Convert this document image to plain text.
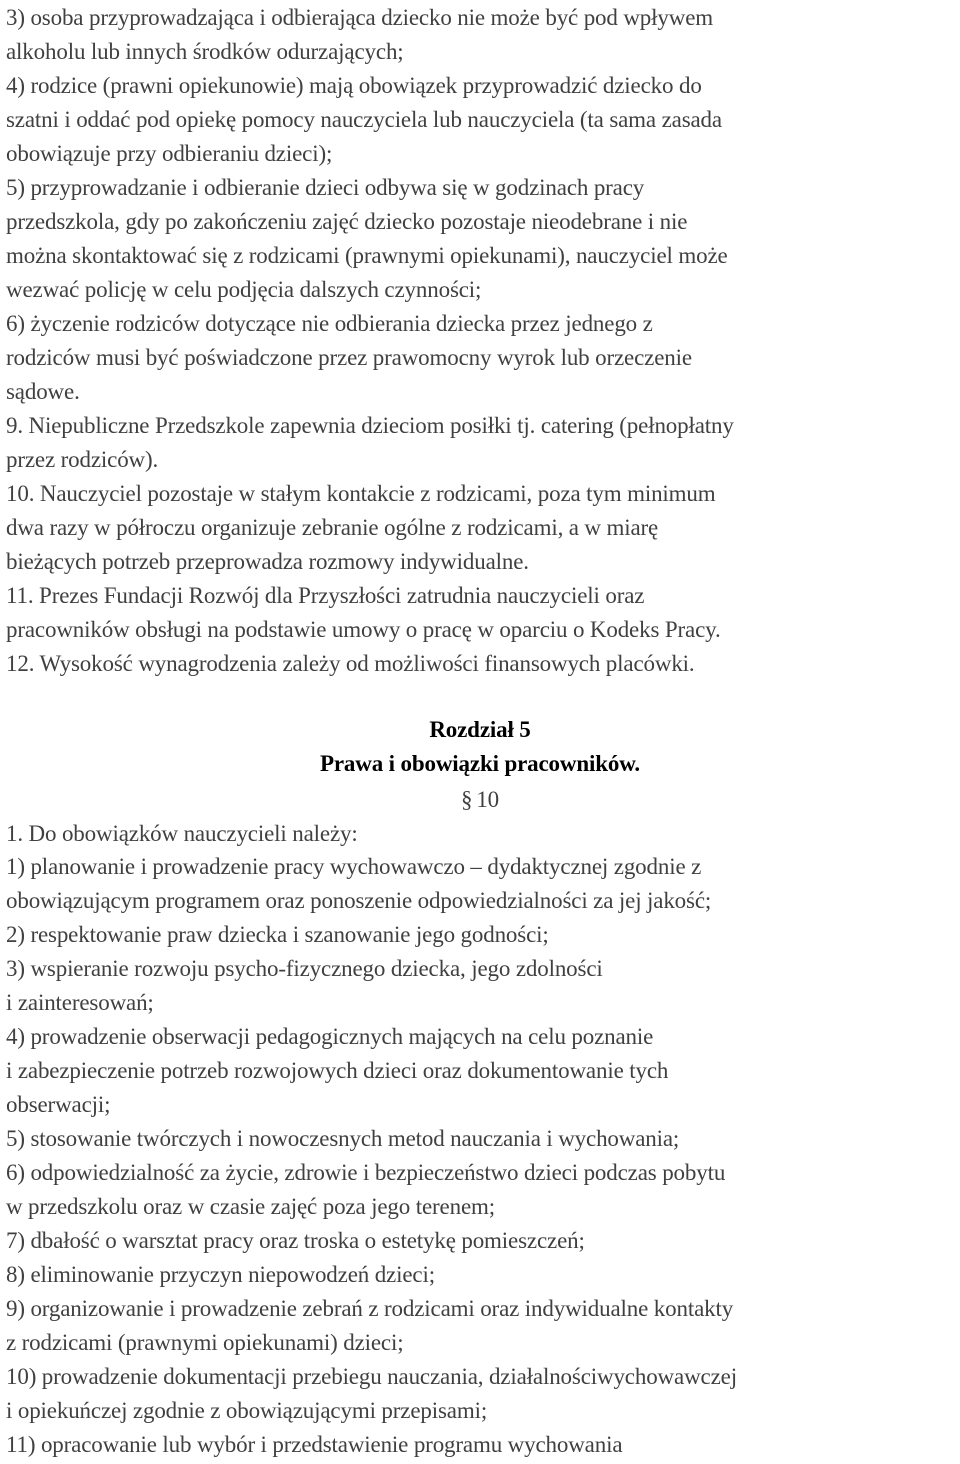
3) osoba przyprowadzająca i odbierająca dziecko nie może być pod wpływem
alkoholu lub innych środków odurzających;
4) rodzice (prawni opiekunowie) mają obowiązek przyprowadzić dziecko do
szatni i oddać pod opiekę pomocy nauczyciela lub nauczyciela (ta sama zasada
obowiązuje przy odbieraniu dzieci);
5) przyprowadzanie i odbieranie dzieci odbywa się w godzinach pracy
przedszkola, gdy po zakończeniu zajęć dziecko pozostaje nieodebrane i nie
można skontaktować się z rodzicami (prawnymi opiekunami), nauczyciel może
wezwać policję w celu podjęcia dalszych czynności;
6) życzenie rodziców dotyczące nie odbierania dziecka przez jednego z
rodziców musi być poświadczone przez prawomocny wyrok lub orzeczenie
sądowe.
9. Niepubliczne Przedszkole zapewnia dzieciom posiłki tj. catering (pełnopłatny
przez rodziców).
10. Nauczyciel pozostaje w stałym kontakcie z rodzicami, poza tym minimum
dwa razy w półroczu organizuje zebranie ogólne z rodzicami, a w miarę
bieżących potrzeb przeprowadza rozmowy indywidualne.
11. Prezes Fundacji Rozwój dla Przyszłości zatrudnia nauczycieli oraz
pracowników obsługi na podstawie umowy o pracę w oparciu o Kodeks Pracy.
12. Wysokość wynagrodzenia zależy od możliwości finansowych placówki.
Rozdział 5
Prawa i obowiązki pracowników.
§ 10
1. Do obowiązków nauczycieli należy:
1) planowanie i prowadzenie pracy wychowawczo – dydaktycznej zgodnie z
obowiązującym programem oraz ponoszenie odpowiedzialności za jej jakość;
2) respektowanie praw dziecka i szanowanie jego godności;
3) wspieranie rozwoju psycho-fizycznego dziecka, jego zdolności
i zainteresowań;
4) prowadzenie obserwacji pedagogicznych mających na celu poznanie
i zabezpieczenie potrzeb rozwojowych dzieci oraz dokumentowanie tych
obserwacji;
5) stosowanie twórczych i nowoczesnych metod nauczania i wychowania;
6) odpowiedzialność za życie, zdrowie i bezpieczeństwo dzieci podczas pobytu
w przedszkolu oraz w czasie zajęć poza jego terenem;
7) dbałość o warsztat pracy oraz troska o estetykę pomieszczeń;
8) eliminowanie przyczyn niepowodzeń dzieci;
9) organizowanie i prowadzenie zebrań z rodzicami oraz indywidualne kontakty
z rodzicami (prawnymi opiekunami) dzieci;
10) prowadzenie dokumentacji przebiegu nauczania, działalnościwychowawczej
i opiekuńczej zgodnie z obowiązującymi przepisami;
11) opracowanie lub wybór i przedstawienie programu wychowania
